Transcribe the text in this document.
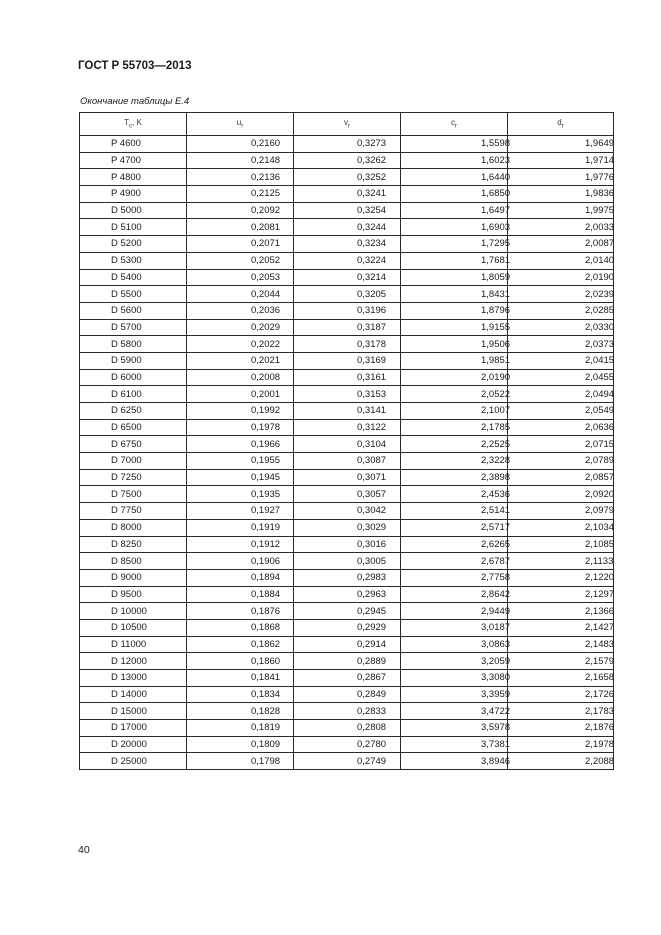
ГОСТ Р 55703—2013
Окончание таблицы Е.4
$T_c$, K	$u_r$	$v_r$	$c_r$	$d_r$
P 4600	0,2160	0,3273	1,5598	1,9649
P 4700	0,2148	0,3262	1,6023	1,9714
P 4800	0,2136	0,3252	1,6440	1,9776
P 4900	0,2125	0,3241	1,6850	1,9836
D 5000	0,2092	0,3254	1,6497	1,9975
D 5100	0,2081	0,3244	1,6903	2,0033
D 5200	0,2071	0,3234	1,7295	2,0087
D 5300	0,2052	0,3224	1,7681	2,0140
D 5400	0,2053	0,3214	1,8059	2,0190
D 5500	0,2044	0,3205	1,8431	2,0239
D 5600	0,2036	0,3196	1,8796	2,0285
D 5700	0,2029	0,3187	1,9155	2,0330
D 5800	0,2022	0,3178	1,9506	2,0373
D 5900	0,2021	0,3169	1,9851	2,0415
D 6000	0,2008	0,3161	2,0190	2,0455
D 6100	0,2001	0,3153	2,0522	2,0494
D 6250	0,1992	0,3141	2,1007	2,0549
D 6500	0,1978	0,3122	2,1785	2,0636
D 6750	0,1966	0,3104	2,2525	2,0715
D 7000	0,1955	0,3087	2,3228	2,0789
D 7250	0,1945	0,3071	2,3898	2,0857
D 7500	0,1935	0,3057	2,4536	2,0920
D 7750	0,1927	0,3042	2,5141	2,0979
D 8000	0,1919	0,3029	2,5717	2,1034
D 8250	0,1912	0,3016	2,6265	2,1085
D 8500	0,1906	0,3005	2,6787	2,1133
D 9000	0,1894	0,2983	2,7758	2,1220
D 9500	0,1884	0,2963	2,8642	2,1297
D 10000	0,1876	0,2945	2,9449	2,1366
D 10500	0,1868	0,2929	3,0187	2,1427
D 11000	0,1862	0,2914	3,0863	2,1483
D 12000	0,1860	0,2889	3,2059	2,1579
D 13000	0,1841	0,2867	3,3080	2,1658
D 14000	0,1834	0,2849	3,3959	2,1726
D 15000	0,1828	0,2833	3,4722	2,1783
D 17000	0,1819	0,2808	3,5978	2,1876
D 20000	0,1809	0,2780	3,7381	2,1978
D 25000	0,1798	0,2749	3,8946	2,2088
40
